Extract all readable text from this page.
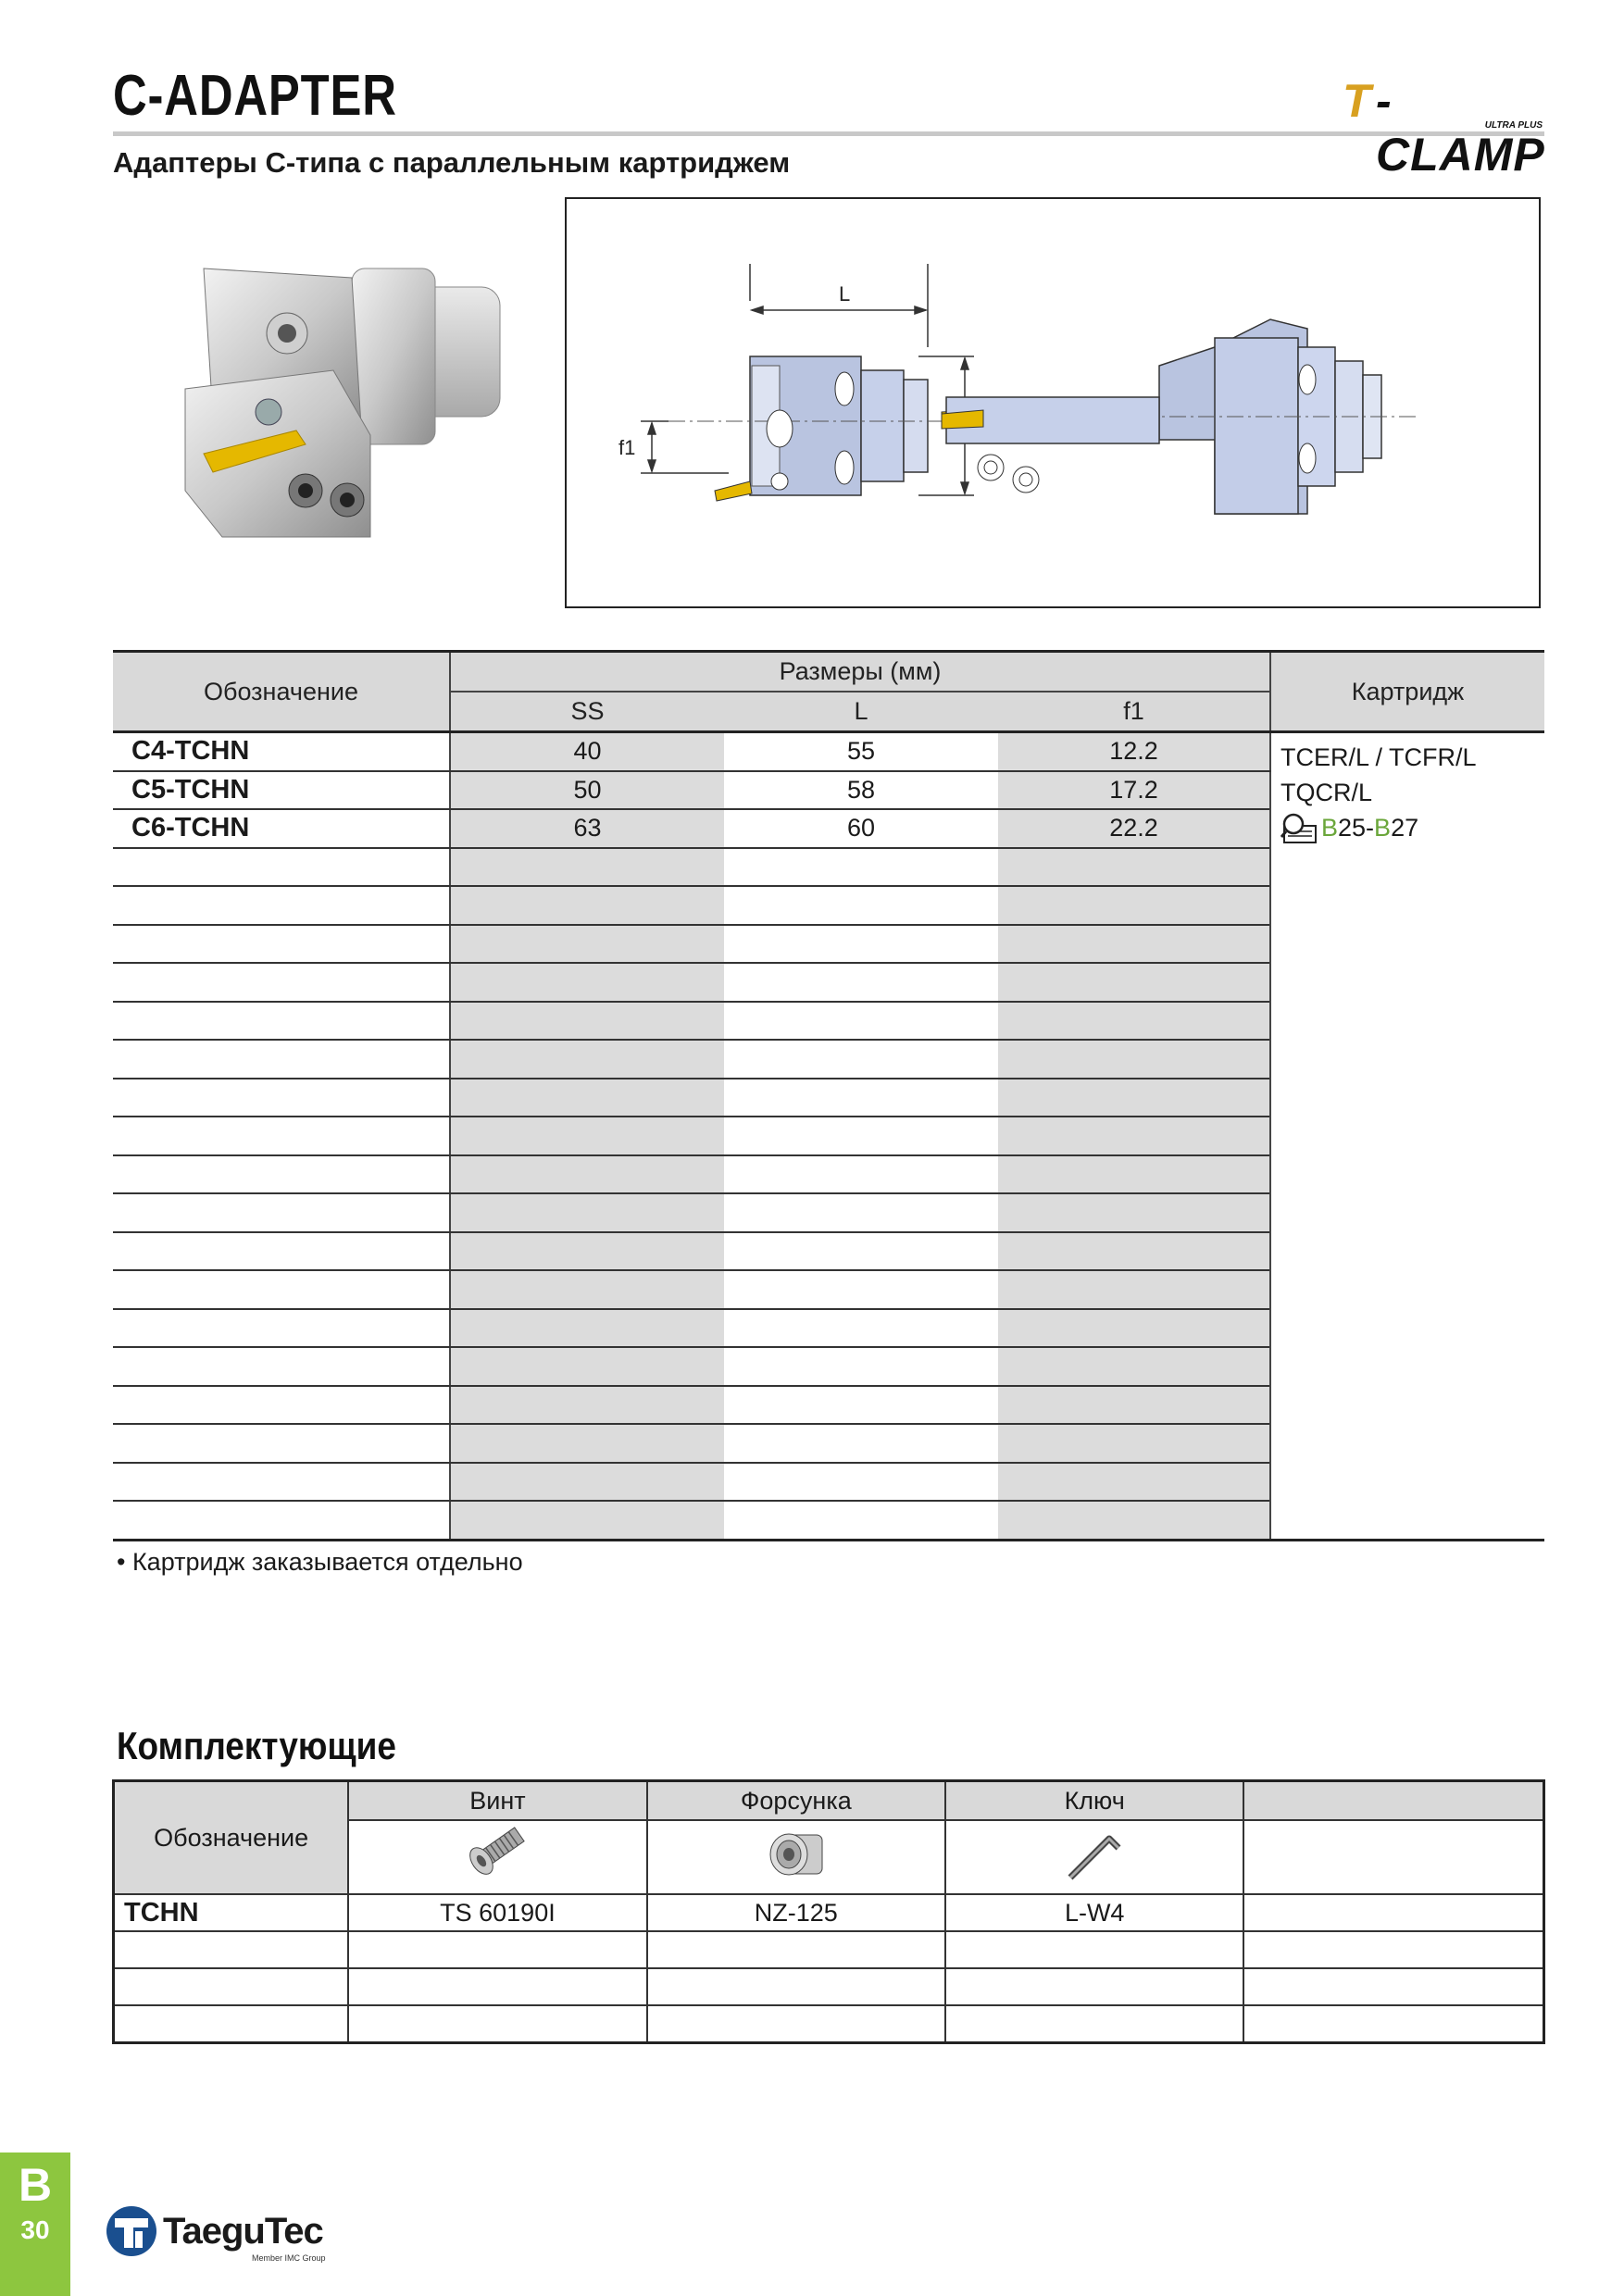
C-ADAPTER
Адаптеры С-типа с параллельным картриджем
T -CLAMP
ULTRA PLUS
L
f1
Обозначение	Размеры (мм)			Картридж
	SS	L	f1	
C4-TCHN	40	55	12.2	TCER/L / TCFR/L
TQCR/L
B25-B27

C5-TCHN	50	58	17.2	
C6-TCHN	63	60	22.2	

• Картридж заказывается отдельно
Комплектующие
Обозначение	Винт	Форсунка	Ключ	

TCHN	TS 60190I	NZ-125	L-W4	

B
30	TaeguTec
Member IMC Group
